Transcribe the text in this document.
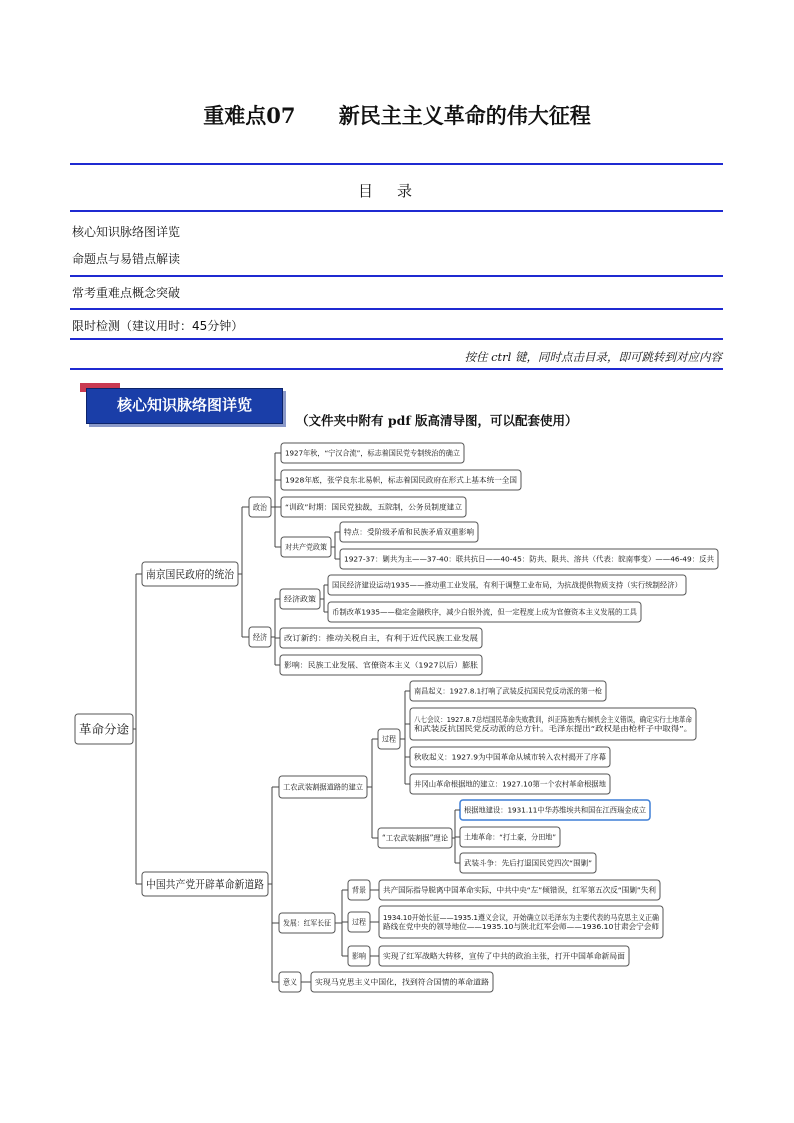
重难点07 新民主主义革命的伟大征程
目录
核心知识脉络图详览
命题点与易错点解读
常考重难点概念突破
限时检测（建议用时：45分钟）
按住 ctrl 键，同时点击目录，即可跳转到对应内容
核心知识脉络图详览
（文件夹中附有 pdf 版高清导图，可以配套使用）
革命分途
南京国民政府的统治
中国共产党开辟革命新道路
政治
经济
1927年秋，“宁汉合流”，标志着国民党专制统治的确立
1928年底，张学良东北易帜，标志着国民政府在形式上基本统一全国
“训政”时期：国民党独裁，五院制，公务员制度建立
对共产党政策
特点：受阶级矛盾和民族矛盾双重影响
1927-37：剿共为主——37-40：联共抗日——40-45：防共、限共、溶共（代表：皖南事变）——46-49：反共
经济政策
改订新约：推动关税自主，有利于近代民族工业发展
影响：民族工业发展、官僚资本主义（1927以后）膨胀
国民经济建设运动1935——推动重工业发展，有利于调整工业布局，为抗战提供物质支持（实行统制经济）
币制改革1935——稳定金融秩序，减少白银外流，但一定程度上成为官僚资本主义发展的工具
工农武装割据道路的建立
发展：红军长征
意义
过程
“工农武装割据”理论
南昌起义：1927.8.1打响了武装反抗国民党反动派的第一枪
八七会议：1927.8.7总结国民革命失败教训，纠正陈独秀右倾机会主义错误，确定实行土地革命
和武装反抗国民党反动派的总方针。毛泽东提出“政权是由枪杆子中取得”。
秋收起义：1927.9为中国革命从城市转入农村揭开了序幕
井冈山革命根据地的建立：1927.10第一个农村革命根据地
根据地建设：1931.11中华苏维埃共和国在江西瑞金成立
土地革命：“打土豪，分田地”
武装斗争：先后打退国民党四次“围剿”
背景
过程
影响
共产国际指导脱离中国革命实际，中共中央“左”倾错误，红军第五次反“围剿”失利
1934.10开始长征——1935.1遵义会议，开始确立以毛泽东为主要代表的马克思主义正确
路线在党中央的领导地位——1935.10与陕北红军会师——1936.10甘肃会宁会师
实现了红军战略大转移，宣传了中共的政治主张，打开中国革命新局面
实现马克思主义中国化，找到符合国情的革命道路
